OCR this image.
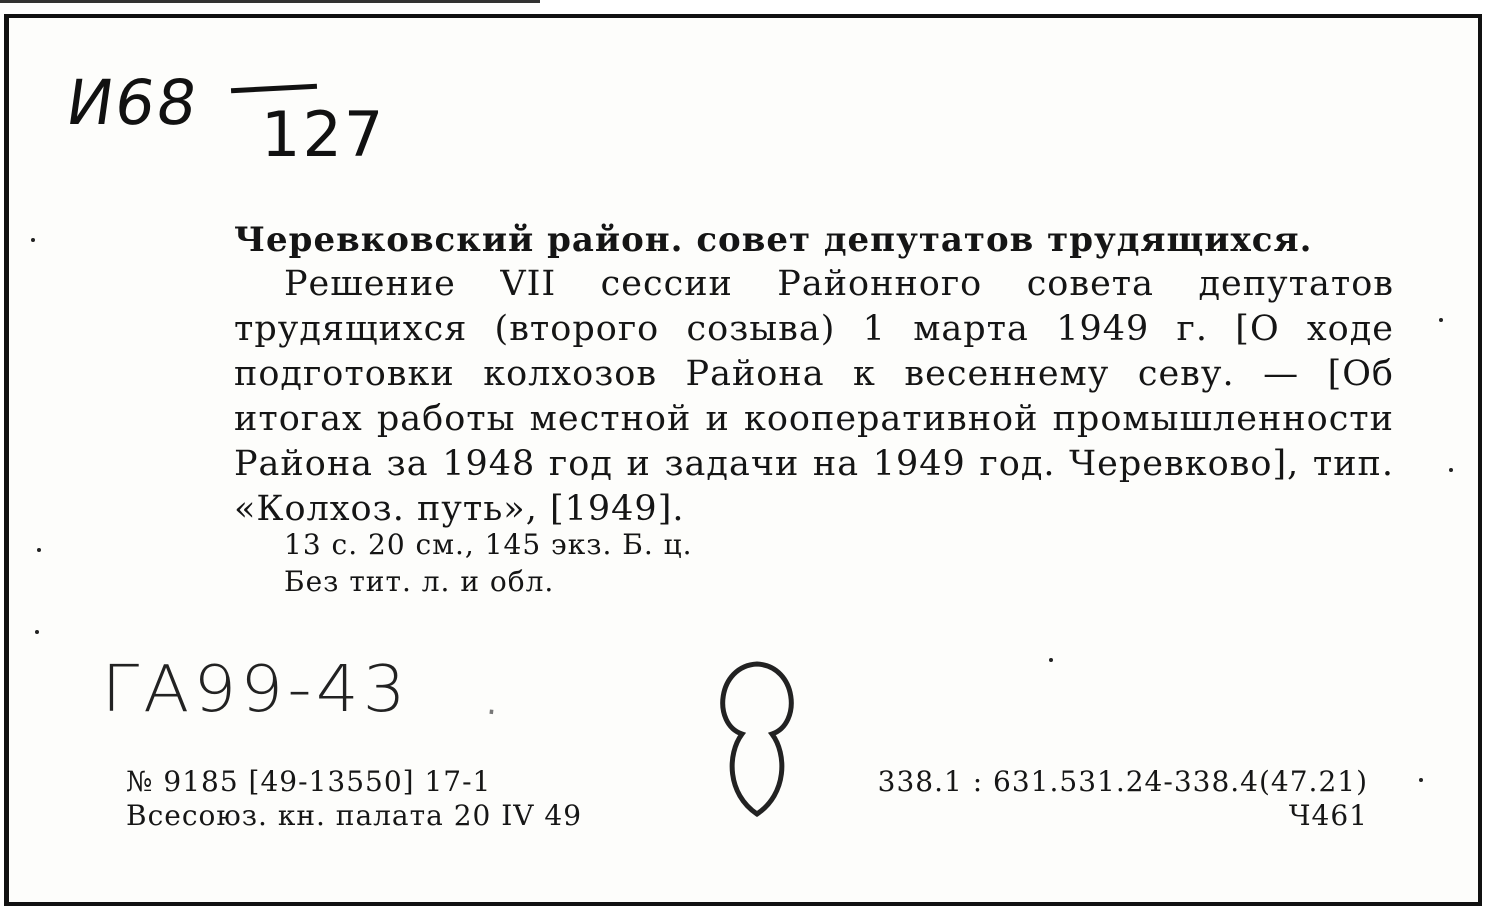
И68 127
Черевковский район. совет депутатов трудящихся.
Решение VII сессии Районного совета депутатов трудящихся (второго созыва) 1 марта 1949 г. [О ходе подготовки колхозов Района к весеннему севу. — [Об итогах работы местной и кооперативной промышленности Района за 1948 год и задачи на 1949 год. Черевково], тип. «Колхоз. путь», [1949].
13 с. 20 см., 145 экз. Б. ц.
Без тит. л. и обл.
ГА99-43 .
№ 9185 [49-13550] 17-1
Всесоюз. кн. палата 20 IV 49
338.1 : 631.531.24-338.4(47.21)
Ч461
